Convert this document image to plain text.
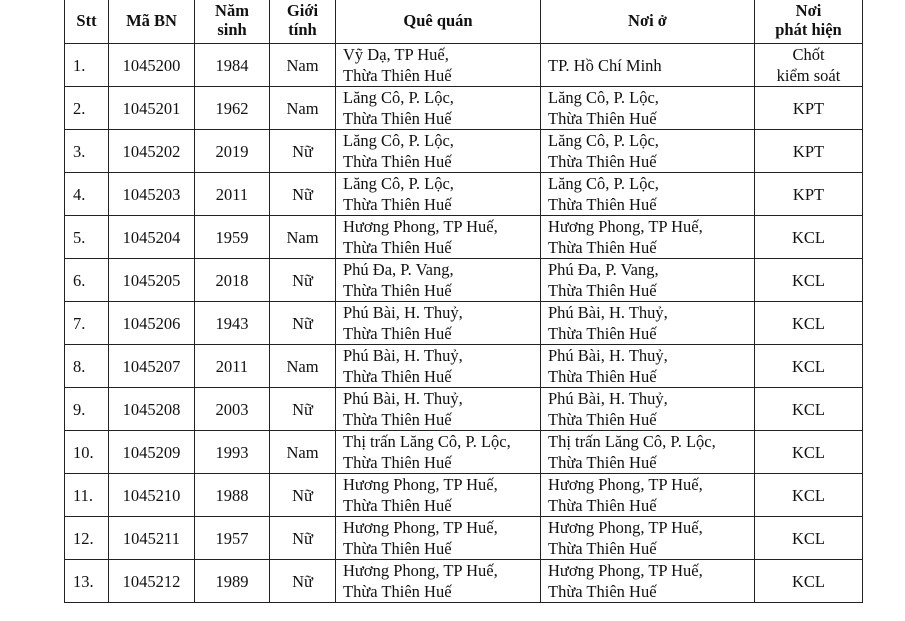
Stt	Mã BN	Năm
sinh	Giới
tính	Quê quán	Nơi ở	Nơi
phát hiện

1.	1045200	1984	Nam	Vỹ Dạ, TP Huế,
Thừa Thiên Huế	TP. Hồ Chí Minh	Chốt
kiểm soát

2.	1045201	1962	Nam	Lăng Cô, P. Lộc,
Thừa Thiên Huế	Lăng Cô, P. Lộc,
Thừa Thiên Huế	KPT

3.	1045202	2019	Nữ	Lăng Cô, P. Lộc,
Thừa Thiên Huế	Lăng Cô, P. Lộc,
Thừa Thiên Huế	KPT

4.	1045203	2011	Nữ	Lăng Cô, P. Lộc,
Thừa Thiên Huế	Lăng Cô, P. Lộc,
Thừa Thiên Huế	KPT

5.	1045204	1959	Nam	Hương Phong, TP Huế,
Thừa Thiên Huế	Hương Phong, TP Huế,
Thừa Thiên Huế	KCL

6.	1045205	2018	Nữ	Phú Đa, P. Vang,
Thừa Thiên Huế	Phú Đa, P. Vang,
Thừa Thiên Huế	KCL

7.	1045206	1943	Nữ	Phú Bài, H. Thuỷ,
Thừa Thiên Huế	Phú Bài, H. Thuỷ,
Thừa Thiên Huế	KCL

8.	1045207	2011	Nam	Phú Bài, H. Thuỷ,
Thừa Thiên Huế	Phú Bài, H. Thuỷ,
Thừa Thiên Huế	KCL

9.	1045208	2003	Nữ	Phú Bài, H. Thuỷ,
Thừa Thiên Huế	Phú Bài, H. Thuỷ,
Thừa Thiên Huế	KCL

10.	1045209	1993	Nam	Thị trấn Lăng Cô, P. Lộc,
Thừa Thiên Huế	Thị trấn Lăng Cô, P. Lộc,
Thừa Thiên Huế	KCL

11.	1045210	1988	Nữ	Hương Phong, TP Huế,
Thừa Thiên Huế	Hương Phong, TP Huế,
Thừa Thiên Huế	KCL

12.	1045211	1957	Nữ	Hương Phong, TP Huế,
Thừa Thiên Huế	Hương Phong, TP Huế,
Thừa Thiên Huế	KCL

13.	1045212	1989	Nữ	Hương Phong, TP Huế,
Thừa Thiên Huế	Hương Phong, TP Huế,
Thừa Thiên Huế	KCL
